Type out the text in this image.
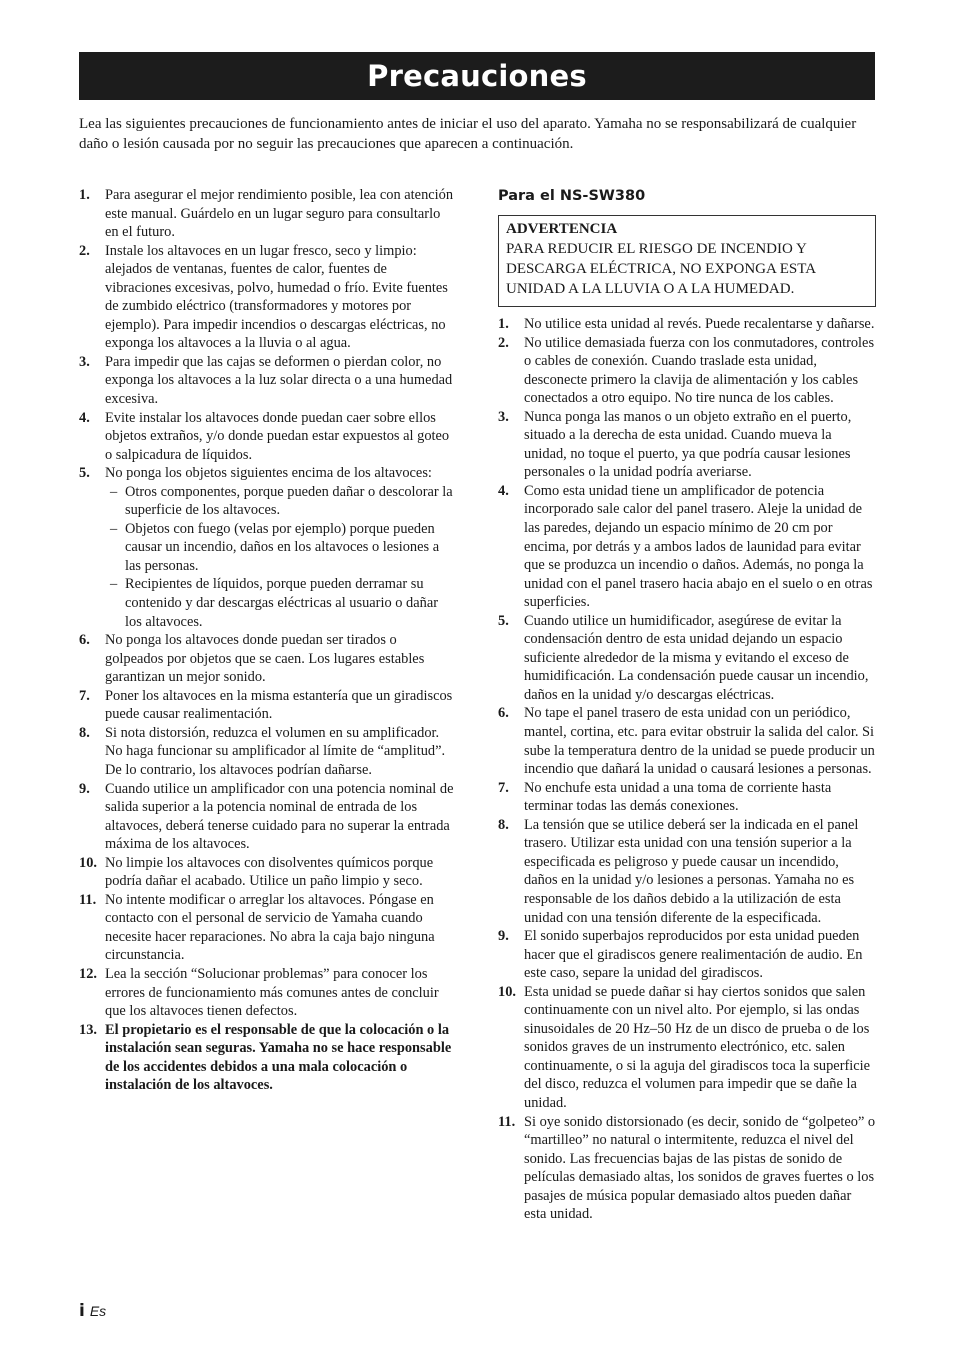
Precauciones

Lea las siguientes precauciones de funcionamiento antes de iniciar el uso del aparato. Yamaha no se responsabilizará de cualquier daño o lesión causada por no seguir las precauciones que aparecen a continuación.

1. Para asegurar el mejor rendimiento posible, lea con atención este manual. Guárdelo en un lugar seguro para consultarlo en el futuro.
2. Instale los altavoces en un lugar fresco, seco y limpio: alejados de ventanas, fuentes de calor, fuentes de vibraciones excesivas, polvo, humedad o frío. Evite fuentes de zumbido eléctrico (transformadores y motores por ejemplo). Para impedir incendios o descargas eléctricas, no exponga los altavoces a la lluvia o al agua.
3. Para impedir que las cajas se deformen o pierdan color, no exponga los altavoces a la luz solar directa o a una humedad excesiva.
4. Evite instalar los altavoces donde puedan caer sobre ellos objetos extraños, y/o donde puedan estar expuestos al goteo o salpicadura de líquidos.
5. No ponga los objetos siguientes encima de los altavoces:
– Otros componentes, porque pueden dañar o descolorar la superficie de los altavoces.
– Objetos con fuego (velas por ejemplo) porque pueden causar un incendio, daños en los altavoces o lesiones a las personas.
– Recipientes de líquidos, porque pueden derramar su contenido y dar descargas eléctricas al usuario o dañar los altavoces.
6. No ponga los altavoces donde puedan ser tirados o golpeados por objetos que se caen. Los lugares estables garantizan un mejor sonido.
7. Poner los altavoces en la misma estantería que un giradiscos puede causar realimentación.
8. Si nota distorsión, reduzca el volumen en su amplificador. No haga funcionar su amplificador al límite de “amplitud”. De lo contrario, los altavoces podrían dañarse.
9. Cuando utilice un amplificador con una potencia nominal de salida superior a la potencia nominal de entrada de los altavoces, deberá tenerse cuidado para no superar la entrada máxima de los altavoces.
10. No limpie los altavoces con disolventes químicos porque podría dañar el acabado. Utilice un paño limpio y seco.
11. No intente modificar o arreglar los altavoces. Póngase en contacto con el personal de servicio de Yamaha cuando necesite hacer reparaciones. No abra la caja bajo ninguna circunstancia.
12. Lea la sección “Solucionar problemas” para conocer los errores de funcionamiento más comunes antes de concluir que los altavoces tienen defectos.
13. El propietario es el responsable de que la colocación o la instalación sean seguras. Yamaha no se hace responsable de los accidentes debidos a una mala colocación o instalación de los altavoces.
Para el NS-SW380
ADVERTENCIA
PARA REDUCIR EL RIESGO DE INCENDIO Y DESCARGA ELÉCTRICA, NO EXPONGA ESTA UNIDAD A LA LLUVIA O A LA HUMEDAD.
1. No utilice esta unidad al revés. Puede recalentarse y dañarse.
2. No utilice demasiada fuerza con los conmutadores, controles o cables de conexión. Cuando traslade esta unidad, desconecte primero la clavija de alimentación y los cables conectados a otro equipo. No tire nunca de los cables.
3. Nunca ponga las manos o un objeto extraño en el puerto, situado a la derecha de esta unidad. Cuando mueva la unidad, no toque el puerto, ya que podría causar lesiones personales o la unidad podría averiarse.
4. Como esta unidad tiene un amplificador de potencia incorporado sale calor del panel trasero. Aleje la unidad de las paredes, dejando un espacio mínimo de 20 cm por encima, por detrás y a ambos lados de launidad para evitar que se produzca un incendio o daños. Además, no ponga la unidad con el panel trasero hacia abajo en el suelo o en otras superficies.
5. Cuando utilice un humidificador, asegúrese de evitar la condensación dentro de esta unidad dejando un espacio suficiente alrededor de la misma y evitando el exceso de humidificación. La condensación puede causar un incendio, daños en la unidad y/o descargas eléctricas.
6. No tape el panel trasero de esta unidad con un periódico, mantel, cortina, etc. para evitar obstruir la salida del calor. Si sube la temperatura dentro de la unidad se puede producir un incendio que dañará la unidad o causará lesiones a personas.
7. No enchufe esta unidad a una toma de corriente hasta terminar todas las demás conexiones.
8. La tensión que se utilice deberá ser la indicada en el panel trasero. Utilizar esta unidad con una tensión superior a la especificada es peligroso y puede causar un incendido, daños en la unidad y/o lesiones a personas. Yamaha no es responsable de los daños debido a la utilización de esta unidad con una tensión diferente de la especificada.
9. El sonido superbajos reproducidos por esta unidad pueden hacer que el giradiscos genere realimentación de audio. En este caso, separe la unidad del giradiscos.
10. Esta unidad se puede dañar si hay ciertos sonidos que salen continuamente con un nivel alto. Por ejemplo, si las ondas sinusoidales de 20 Hz–50 Hz de un disco de prueba o de los sonidos graves de un instrumento electrónico, etc. salen continuamente, o si la aguja del giradiscos toca la superficie del disco, reduzca el volumen para impedir que se dañe la unidad.
11. Si oye sonido distorsionado (es decir, sonido de “golpeteo” o “martilleo” no natural o intermitente, reduzca el nivel del sonido. Las frecuencias bajas de las pistas de sonido de películas demasiado altas, los sonidos de graves fuertes o los pasajes de música popular demasiado altos pueden dañar esta unidad.
i Es
